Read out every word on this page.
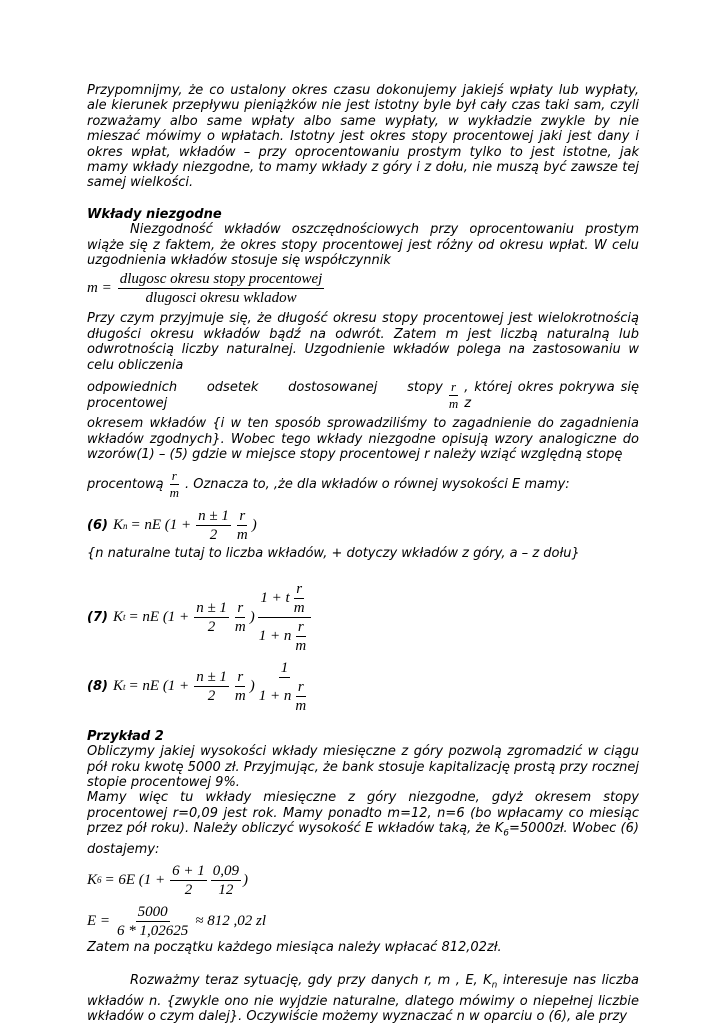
Przypomnijmy, że co ustalony okres czasu dokonujemy jakiejś wpłaty lub wypłaty, ale kierunek przepływu pieniążków nie jest istotny byle był cały czas taki sam, czyli rozważamy albo same wpłaty albo same wypłaty, w wykładzie zwykle by nie mieszać mówimy o wpłatach. Istotny jest okres stopy procentowej jaki jest dany i okres wpłat, wkładów – przy oprocentowaniu prostym tylko to jest istotne, jak mamy wkłady niezgodne, to mamy wkłady z góry i z dołu, nie muszą być zawsze tej samej wielkości.

Wkłady niezgodne

Niezgodność wkładów oszczędnościowych przy oprocentowaniu prostym wiąże się z faktem, że okres stopy procentowej jest różny od okresu wpłat. W celu uzgodnienia wkładów stosuje się współczynnik

$m = \frac{\text{dlugosc okresu stopy procentowej}}{\text{dlugosci okresu wkladow}}$

Przy czym przyjmuje się, że długość okresu stopy procentowej jest wielokrotnością długości okresu wkładów bądź na odwrót. Zatem m jest liczbą naturalną lub odwrotnością liczby naturalnej. Uzgodnienie wkładów polega na zastosowaniu w celu obliczenia

odpowiednich odsetek dostosowanej stopy procentowej	$\frac{r}{m}$ , której okres pokrywa się z

okresem wkładów {i w ten sposób sprowadziliśmy to zagadnienie do zagadnienia wkładów zgodnych}. Wobec tego wkłady niezgodne opisują wzory analogiczne do wzorów(1) – (5) gdzie w miejsce stopy procentowej r należy wziąć względną stopę

procentową $\frac{r}{m}$ . Oznacza to, ,że dla wkładów o równej wysokości E mamy:

(6) K n = nE ($1 + \frac{n \pm 1}{2} \frac{r}{m}$ )

{n naturalne tutaj to liczba wkładów, + dotyczy wkładów z góry, a – z dołu}

(7) K t = nE ($1 + \frac{n \pm 1}{2} \frac{r}{m}$ ) $\frac{1 + t \frac{r}{m}}{1 + n \frac{r}{m}}$
(8) K t = nE ($1 + \frac{n \pm 1}{2} \frac{r}{m}$ ) $\frac{1}{1 + n \frac{r}{m}}$

Przykład 2

Obliczymy jakiej wysokości wkłady miesięczne z góry pozwolą zgromadzić w ciągu pół roku kwotę 5000 zł. Przyjmując, że bank stosuje kapitalizację prostą przy rocznej stopie procentowej 9%.

Mamy więc tu wkłady miesięczne z góry niezgodne, gdyż okresem stopy procentowej r=0,09 jest rok. Mamy ponadto m=12, n=6 (bo wpłacamy co miesiąc przez pół roku). Należy obliczyć wysokość E wkładów taką, że $K_6=5000zł$. Wobec (6) dostajemy:

K 6 = 6E ($1 + \frac{6 + 1}{2} \frac{0,09}{12}$ )
$E = \frac{5000}{6 * 1,02625} \approx 812$ ,02 zl

Zatem na początku każdego miesiąca należy wpłacać 812,02zł.

Rozważmy teraz sytuację, gdy przy danych r, m , E, $K_n$ interesuje nas liczba wkładów n. {zwykle ono nie wyjdzie naturalne, dlatego mówimy o niepełnej liczbie wkładów o czym dalej}. Oczywiście możemy wyznaczać n w oparciu o (6), ale przy
